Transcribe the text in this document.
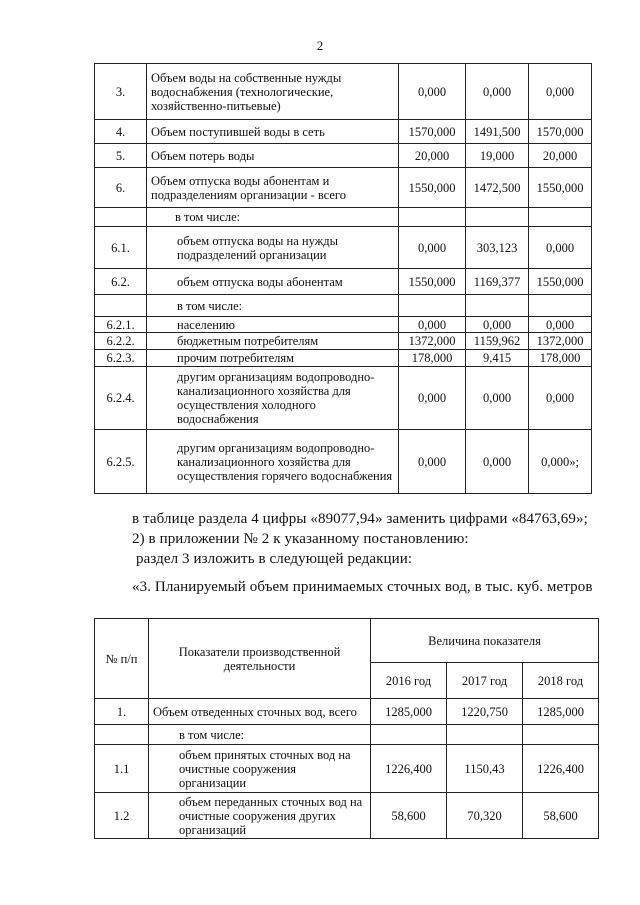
2
3.	Объем воды на собственные нужды водоснабжения (технологические, хозяйственно-питьевые)	0,000	0,000	0,000
4.	Объем поступившей воды в сеть	1570,000	1491,500	1570,000
5.	Объем потерь воды	20,000	19,000	20,000
6.	Объем отпуска воды абонентам и подразделениям организации - всего	1550,000	1472,500	1550,000
	в том числе:			
6.1.	объем отпуска воды на нужды подразделений организации	0,000	303,123	0,000
6.2.	объем отпуска воды абонентам	1550,000	1169,377	1550,000
	в том числе:			
6.2.1.	населению	0,000	0,000	0,000
6.2.2.	бюджетным потребителям	1372,000	1159,962	1372,000
6.2.3.	прочим потребителям	178,000	9,415	178,000
6.2.4.	другим организациям водопроводно-канализационного хозяйства для осуществления холодного водоснабжения	0,000	0,000	0,000
6.2.5.	другим организациям водопроводно-канализационного хозяйства для осуществления горячего водоснабжения	0,000	0,000	0,000»;
в таблице раздела 4 цифры «89077,94» заменить цифрами «84763,69»;
2) в приложении № 2 к указанному постановлению:
раздел 3 изложить в следующей редакции:
«3. Планируемый объем принимаемых сточных вод, в тыс. куб. метров
№ п/п	Показатели производственной деятельности	Величина показателя		
		2016 год	2017 год	2018 год
1.	Объем отведенных сточных вод, всего	1285,000	1220,750	1285,000
	в том числе:			
1.1	объем принятых сточных вод на очистные сооружения организации	1226,400	1150,43	1226,400
1.2	объем переданных сточных вод на очистные сооружения других организаций	58,600	70,320	58,600
